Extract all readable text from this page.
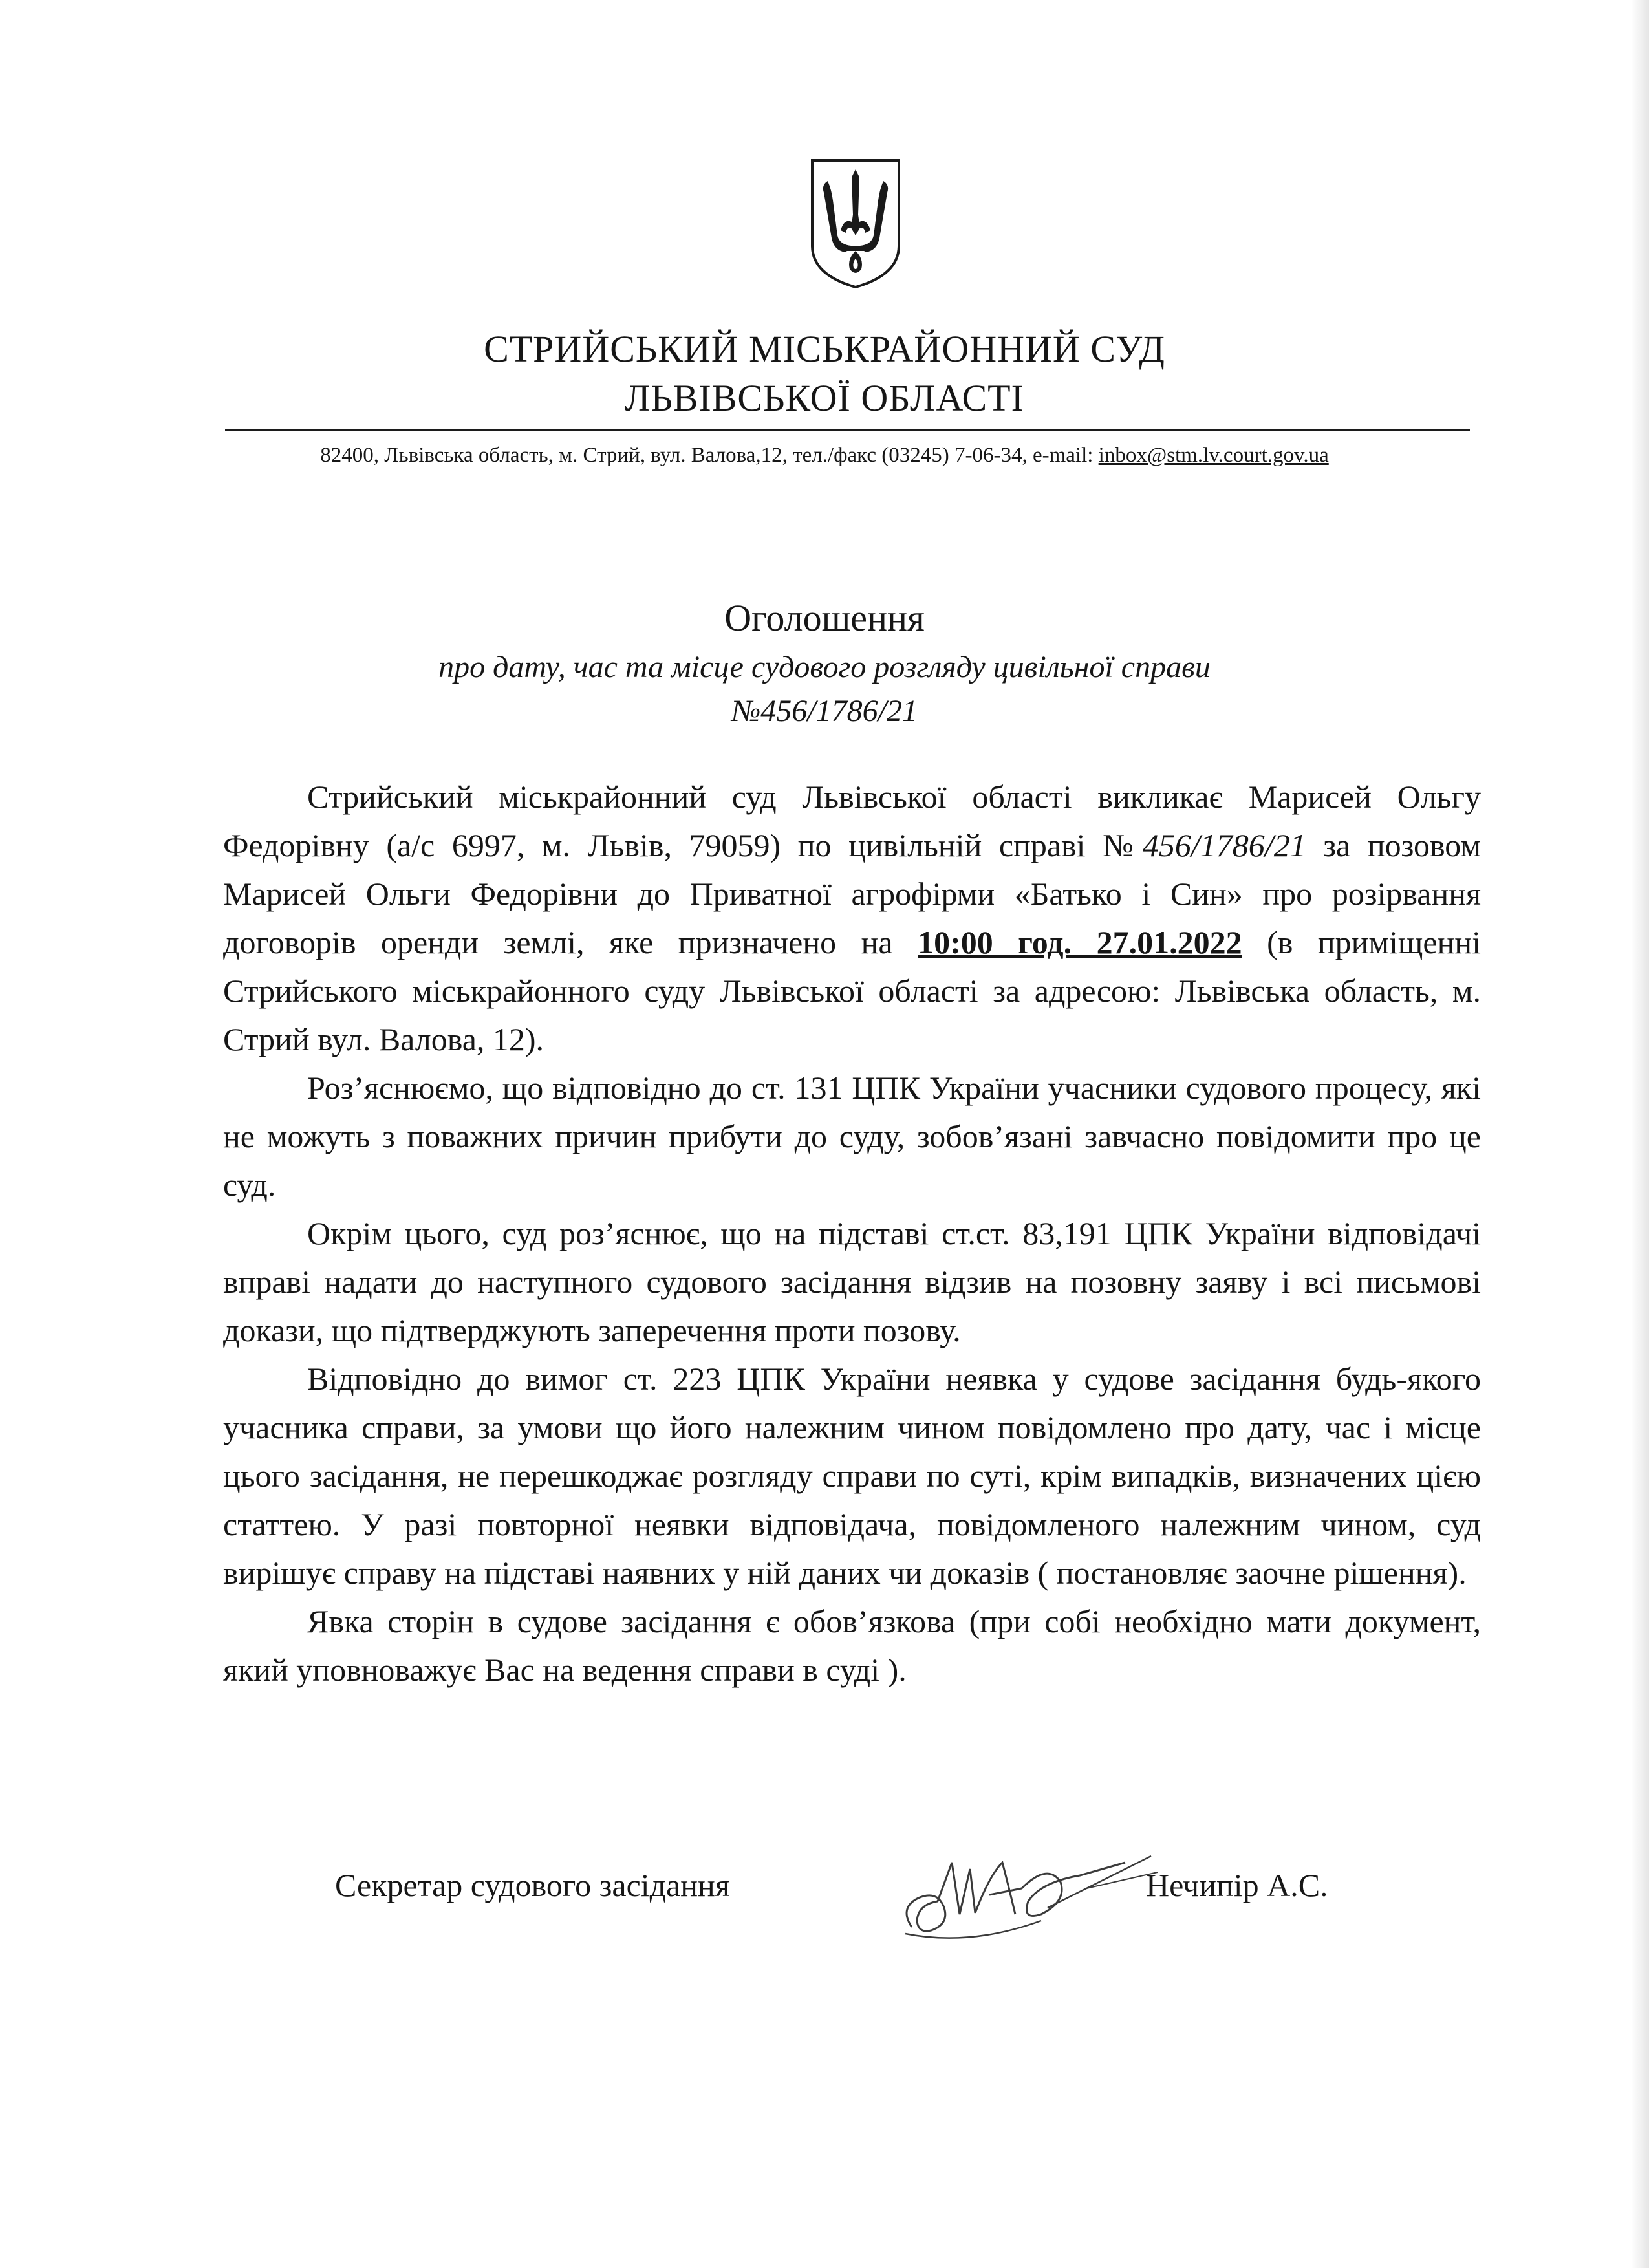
СТРИЙСЬКИЙ МІСЬКРАЙОННИЙ СУД
ЛЬВІВСЬКОЇ ОБЛАСТІ
82400, Львівська область, м. Стрий, вул. Валова,12, тел./факс (03245) 7-06-34, e-mail: inbox@stm.lv.court.gov.ua
Оголошення
про дату, час та місце судового розгляду цивільної справи
№456/1786/21

Стрийський міськрайонний суд Львівської області викликає Марисей Ольгу Федорівну (а/с 6997, м. Львів, 79059) по цивільній справі №456/1786/21 за позовом Марисей Ольги Федорівни до Приватної агрофірми «Батько і Син» про розірвання договорів оренди землі, яке призначено на 10:00 год. 27.01.2022 (в приміщенні Стрийського міськрайонного суду Львівської області за адресою: Львівська область, м. Стрий вул. Валова, 12).

Роз’яснюємо, що відповідно до ст. 131 ЦПК України учасники судового процесу, які не можуть з поважних причин прибути до суду, зобов’язані завчасно повідомити про це суд.

Окрім цього, суд роз’яснює, що на підставі ст.ст. 83,191 ЦПК України відповідачі вправі надати до наступного судового засідання відзив на позовну заяву і всі письмові докази, що підтверджують заперечення проти позову.

Відповідно до вимог ст. 223 ЦПК України неявка у судове засідання будь-якого учасника справи, за умови що його належним чином повідомлено про дату, час і місце цього засідання, не перешкоджає розгляду справи по суті, крім випадків, визначених цією статтею. У разі повторної неявки відповідача, повідомленого належним чином, суд вирішує справу на підставі наявних у ній даних чи доказів ( постановляє заочне рішення).

Явка сторін в судове засідання є обов’язкова (при собі необхідно мати документ, який уповноважує Вас на ведення справи в суді ).

Секретар судового засідання	Нечипір А.С.
